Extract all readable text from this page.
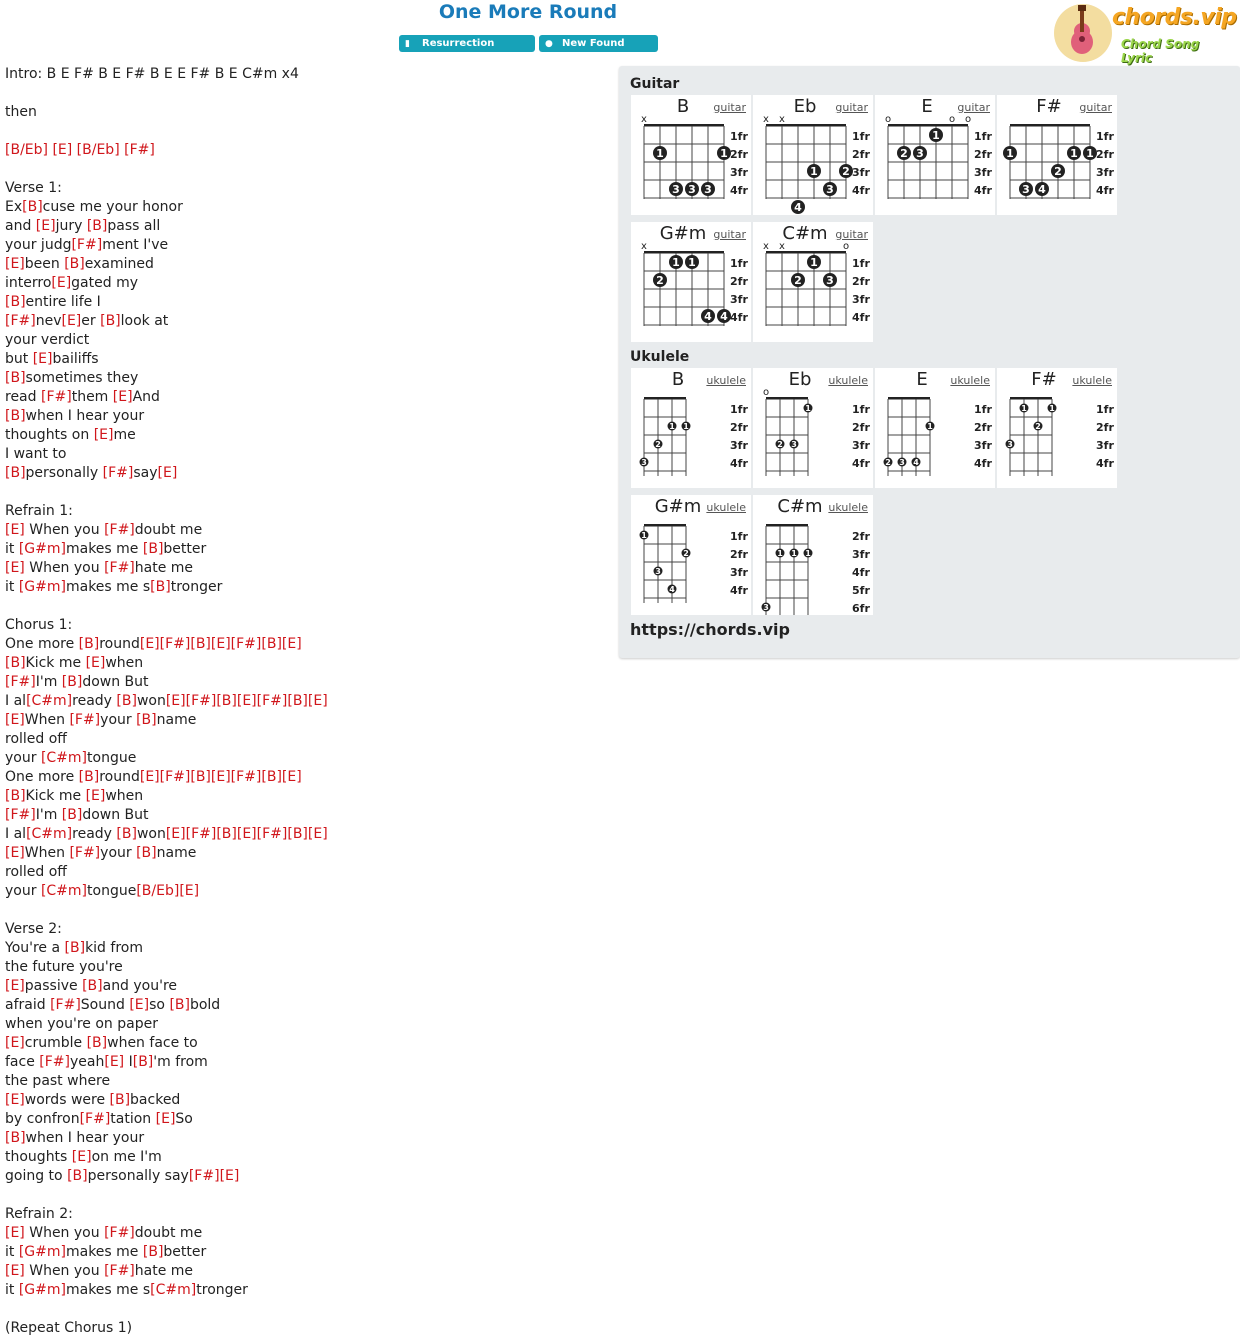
One More Round
▮ Resurrection (2014)
● New Found Glory
chords.vip
Chord Song Lyric
Intro: B E F# B E F# B E E F# B E C#m x4
then
[B/Eb] [E] [B/Eb] [F#]
Verse 1:
Ex[B]cuse me your honor
and [E]jury [B]pass all
your judg[F#]ment I've
[E]been [B]examined
interro[E]gated my
[B]entire life I
[F#]nev[E]er [B]look at
your verdict
but [E]bailiffs
[B]sometimes they
read [F#]them [E]And
[B]when I hear your
thoughts on [E]me
I want to
[B]personally [F#]say[E]
Refrain 1:
[E] When you [F#]doubt me
it [G#m]makes me [B]better
[E] When you [F#]hate me
it [G#m]makes me s[B]tronger
Chorus 1:
One more [B]round[E][F#][B][E][F#][B][E]
[B]Kick me [E]when
[F#]I'm [B]down But
I al[C#m]ready [B]won[E][F#][B][E][F#][B][E]
[E]When [F#]your [B]name
rolled off
your [C#m]tongue
One more [B]round[E][F#][B][E][F#][B][E]
[B]Kick me [E]when
[F#]I'm [B]down But
I al[C#m]ready [B]won[E][F#][B][E][F#][B][E]
[E]When [F#]your [B]name
rolled off
your [C#m]tongue[B/Eb][E]
Verse 2:
You're a [B]kid from
the future you're
[E]passive [B]and you're
afraid [F#]Sound [E]so [B]bold
when you're on paper
[E]crumble [B]when face to
face [F#]yeah[E] I[B]'m from
the past where
[E]words were [B]backed
by confron[F#]tation [E]So
[B]when I hear your
thoughts [E]on me I'm
going to [B]personally say[F#][E]
Refrain 2:
[E] When you [F#]doubt me
it [G#m]makes me [B]better
[E] When you [F#]hate me
it [G#m]makes me s[C#m]tronger
(Repeat Chorus 1)
Guitar
Ukulele
x
1	1
3 3 3
1fr
2fr
3fr
4fr
B	guitar
x x
1 2
3
4
1fr
2fr
3fr
4fr
Eb	guitar
o	o o
1
2 3
1fr
2fr
3fr
4fr
E	guitar
1	1 1
2
3 4
1fr
2fr
3fr
4fr
F#	guitar
x
1 1
2
4 4
1fr
2fr
3fr
4fr
G#m guitar
x x	o
1
2 3
1fr
2fr
3fr
4fr
C#m guitar
1 1
2
3
1fr
2fr
3fr
4fr
B	ukulele
o
1
2 3
1fr
2fr
3fr
4fr
Eb	ukulele
1
2 3 4
1fr
2fr
3fr
4fr
E	ukulele
1	1
2
3
1fr
2fr
3fr
4fr
F#	ukulele
1
2
3
4
1fr
2fr
3fr
4fr
G#m ukulele
1 1 1
3
2fr
3fr
4fr
5fr
6fr
C#m ukulele
https://chords.vip
